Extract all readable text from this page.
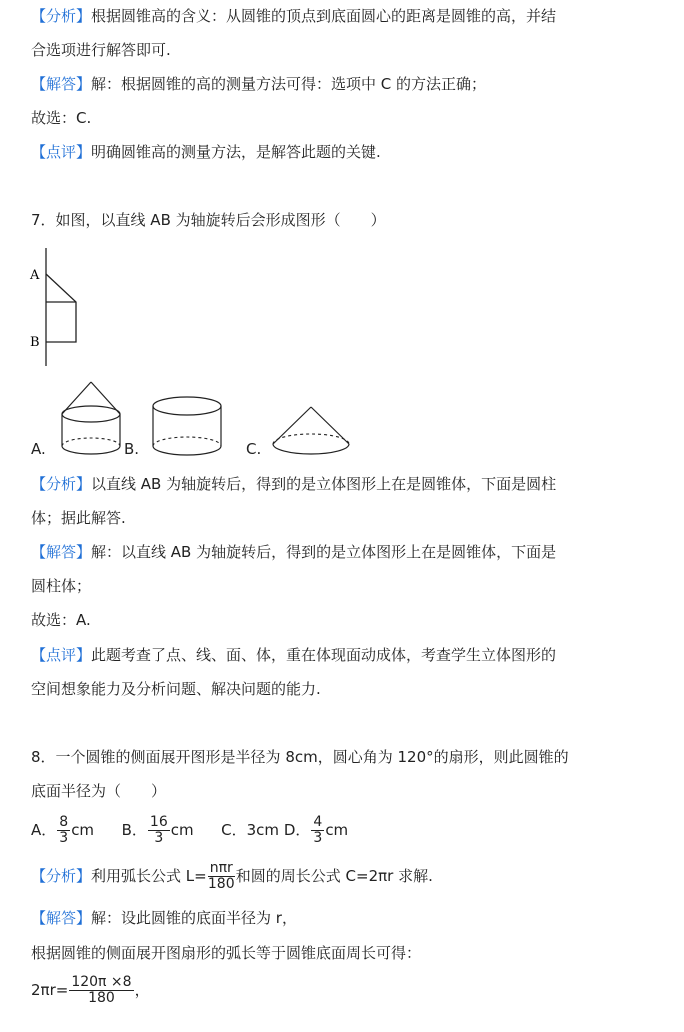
【分析】根据圆锥高的含义：从圆锥的顶点到底面圆心的距离是圆锥的高，并结
合选项进行解答即可.
【解答】解：根据圆锥的高的测量方法可得：选项中 C 的方法正确；
故选：C.
【点评】明确圆锥高的测量方法，是解答此题的关键.
7．如图，以直线 AB 为轴旋转后会形成图形（　　）
A
B
A.	B.	C.
【分析】以直线 AB 为轴旋转后，得到的是立体图形上在是圆锥体，下面是圆柱
体；据此解答.
【解答】解：以直线 AB 为轴旋转后，得到的是立体图形上在是圆锥体，下面是
圆柱体；
故选：A.
【点评】此题考查了点、线、面、体，重在体现面动成体，考查学生立体图形的
空间想象能力及分析问题、解决问题的能力.
8．一个圆锥的侧面展开图形是半径为 8cm，圆心角为 120°的扇形，则此圆锥的
底面半径为（　　）
A． $\frac{8}{3}$ cm B． $\frac{16}{3}$ cm C．3cm D． $\frac{4}{3}$ cm
【分析】利用弧长公式 $L= \frac{\text{nπr}}{180}$ 和圆的周长公式 C=2πr 求解.
【解答】解：设此圆锥的底面半径为 r，
根据圆锥的侧面展开图扇形的弧长等于圆锥底面周长可得：
$2\pi r= \frac{120\pi \times 8}{180}$ ，
